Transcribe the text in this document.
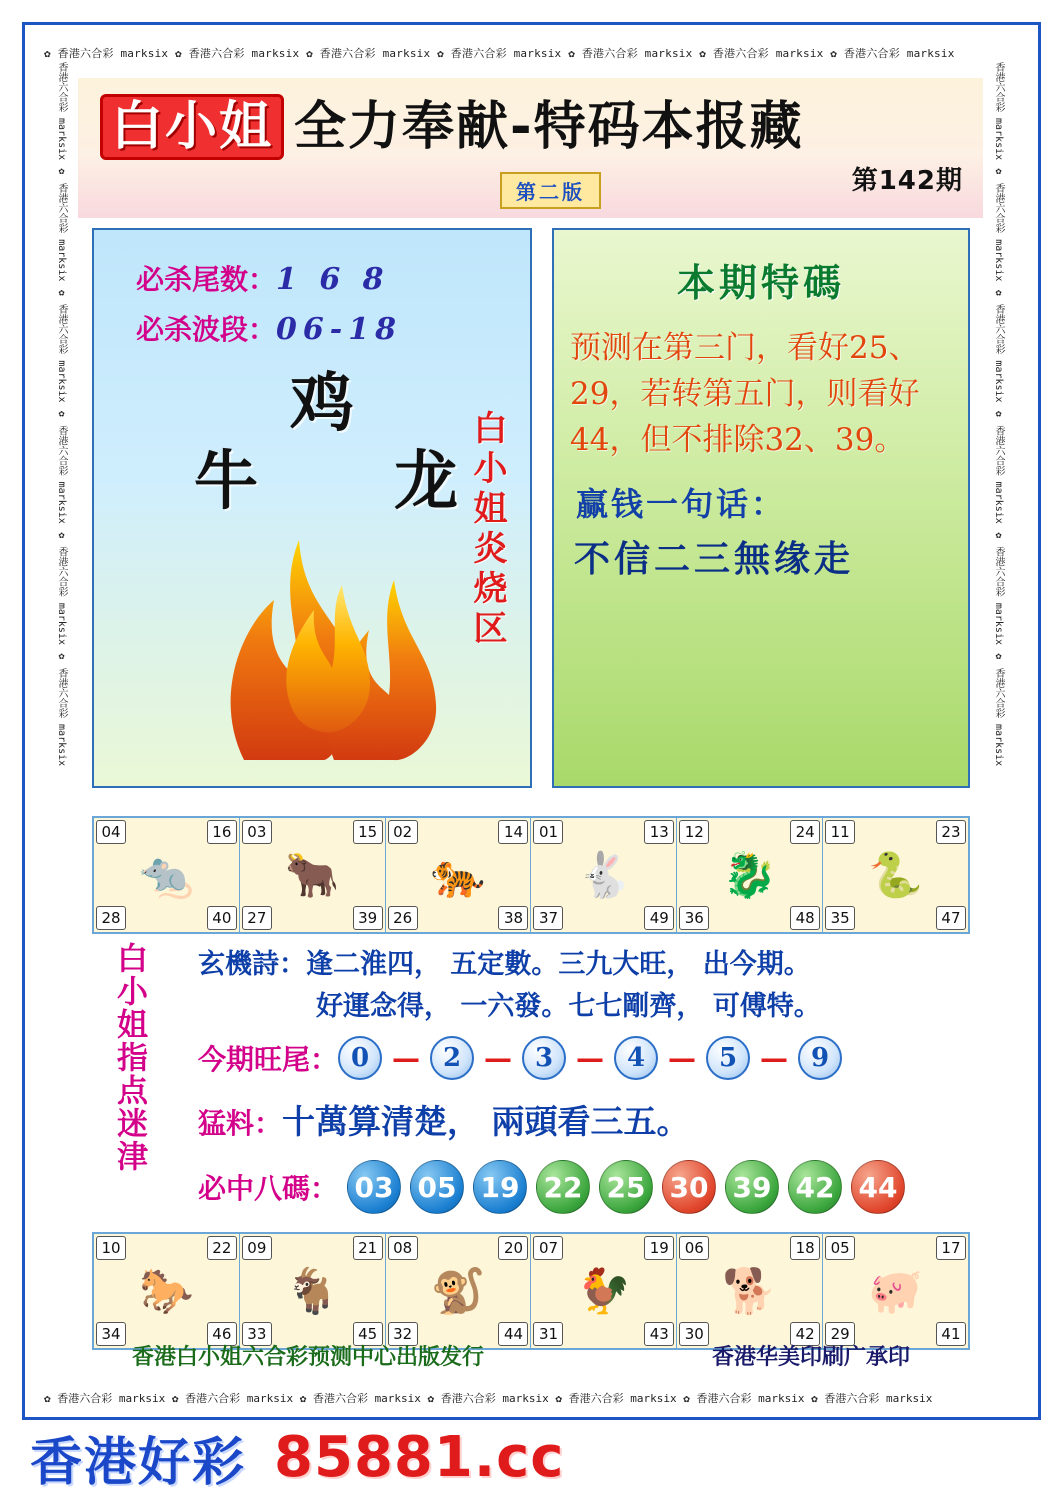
✿ 香港六合彩 marksix ✿ 香港六合彩 marksix ✿ 香港六合彩 marksix ✿ 香港六合彩 marksix ✿ 香港六合彩 marksix ✿ 香港六合彩 marksix ✿ 香港六合彩 marksix
✿ 香港六合彩 marksix ✿ 香港六合彩 marksix ✿ 香港六合彩 marksix ✿ 香港六合彩 marksix ✿ 香港六合彩 marksix ✿ 香港六合彩 marksix ✿ 香港六合彩 marksix
香港六合彩 marksix ✿ 香港六合彩 marksix ✿ 香港六合彩 marksix ✿ 香港六合彩 marksix ✿ 香港六合彩 marksix ✿ 香港六合彩 marksix	香港六合彩 marksix ✿ 香港六合彩 marksix ✿ 香港六合彩 marksix ✿ 香港六合彩 marksix ✿ 香港六合彩 marksix ✿ 香港六合彩 marksix
白小姐 全力奉献-特码本报藏
第142期
第二版
必杀尾数：1 6 8
必杀波段：06-18
鸡
牛 龙 白小姐炎烧区
本期特碼
预测在第三门，看好25、29，若转第五门，则看好44，但不排除32、39。
赢钱一句话：
不信二三無缘走
04	16
🐀
28	40
03	15
🐂
27	39
02	14
🐅
26	38
01	13
🐇
37	49
12	24
🐉
36	48
11	23
🐍
35	47
白小姐指点迷津	玄機詩：逢二淮四， 五定數。三九大旺， 出今期。
好運念得， 一六發。七七剛齊， 可傅特。
今期旺尾： 0 — 2 — 3 — 4 — 5 — 9
猛料：十萬算清楚， 兩頭看三五。
必中八碼： 03 05 19 22 25 30 39 42 44
10	22
🐎
34	46
09	21
🐐
33	45
08	20
🐒
32	44
07	19
🐓
31	43
06	18
🐕
30	42
05	17
🐖
29	41
香港白小姐六合彩预测中心出版发行	香港华美印刷广承印
香港好彩 85881.cc
